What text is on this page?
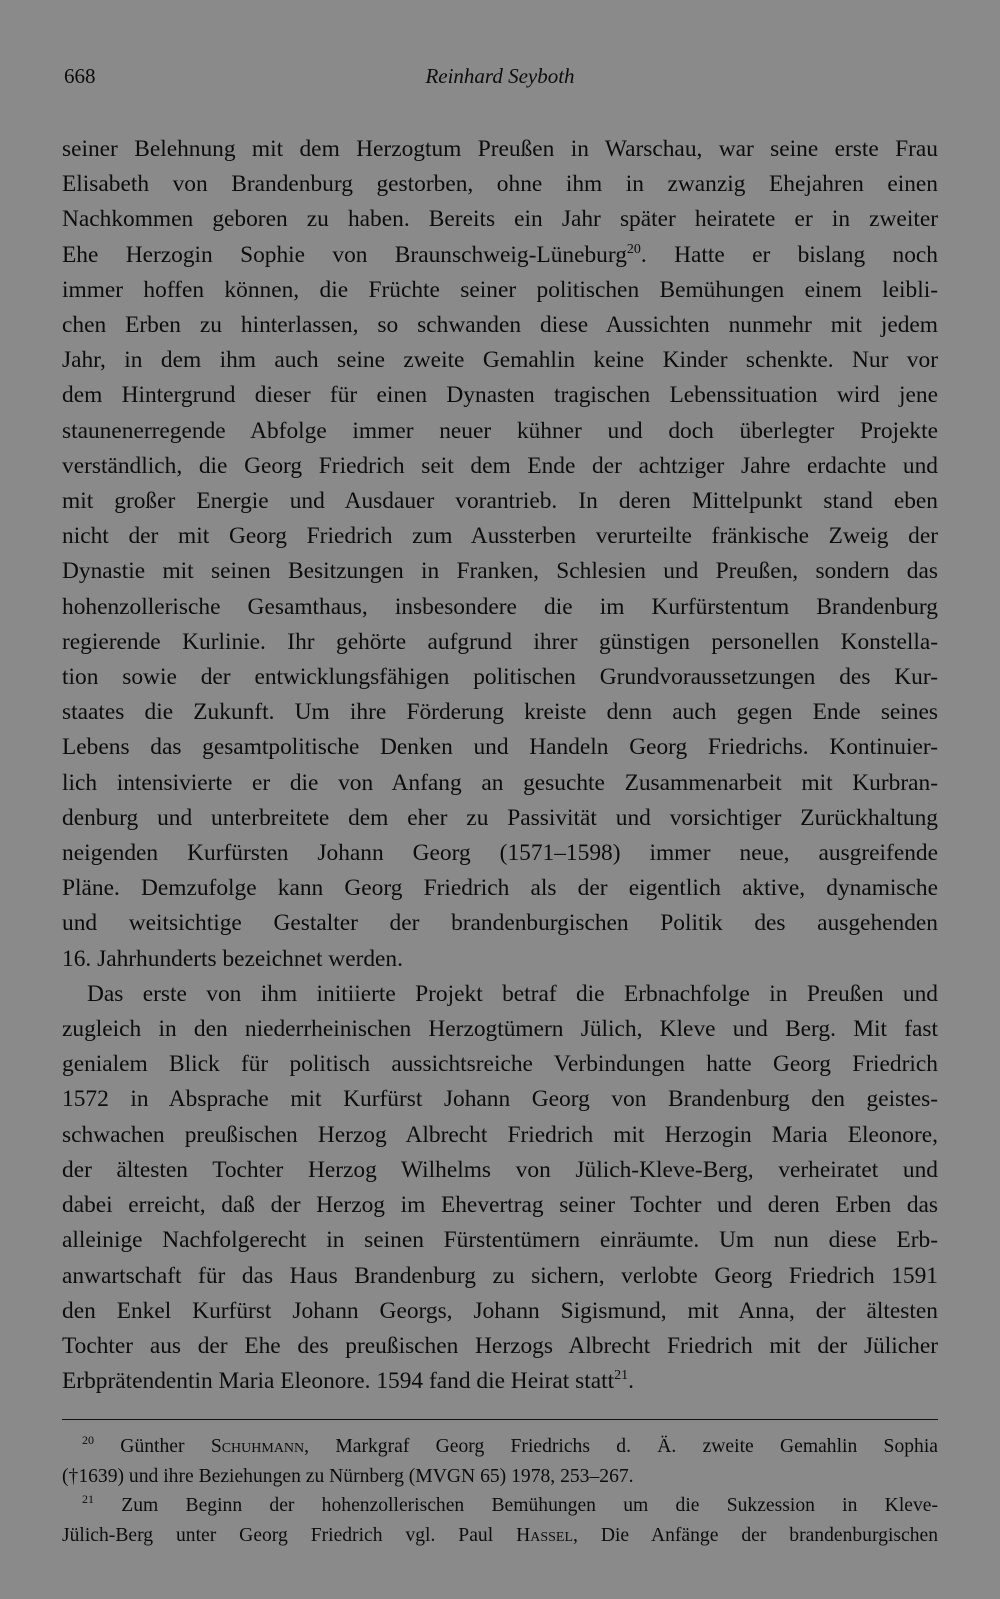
668	Reinhard Seyboth
seiner Belehnung mit dem Herzogtum Preußen in Warschau, war seine erste Frau
Elisabeth von Brandenburg gestorben, ohne ihm in zwanzig Ehejahren einen
Nachkommen geboren zu haben. Bereits ein Jahr später heiratete er in zweiter
Ehe Herzogin Sophie von Braunschweig-Lüneburg$^{20}$. Hatte er bislang noch
immer hoffen können, die Früchte seiner politischen Bemühungen einem leibli-
chen Erben zu hinterlassen, so schwanden diese Aussichten nunmehr mit jedem
Jahr, in dem ihm auch seine zweite Gemahlin keine Kinder schenkte. Nur vor
dem Hintergrund dieser für einen Dynasten tragischen Lebenssituation wird jene
staunenerregende Abfolge immer neuer kühner und doch überlegter Projekte
verständlich, die Georg Friedrich seit dem Ende der achtziger Jahre erdachte und
mit großer Energie und Ausdauer vorantrieb. In deren Mittelpunkt stand eben
nicht der mit Georg Friedrich zum Aussterben verurteilte fränkische Zweig der
Dynastie mit seinen Besitzungen in Franken, Schlesien und Preußen, sondern das
hohenzollerische Gesamthaus, insbesondere die im Kurfürstentum Brandenburg
regierende Kurlinie. Ihr gehörte aufgrund ihrer günstigen personellen Konstella-
tion sowie der entwicklungsfähigen politischen Grundvoraussetzungen des Kur-
staates die Zukunft. Um ihre Förderung kreiste denn auch gegen Ende seines
Lebens das gesamtpolitische Denken und Handeln Georg Friedrichs. Kontinuier-
lich intensivierte er die von Anfang an gesuchte Zusammenarbeit mit Kurbran-
denburg und unterbreitete dem eher zu Passivität und vorsichtiger Zurückhaltung
neigenden Kurfürsten Johann Georg (1571–1598) immer neue, ausgreifende
Pläne. Demzufolge kann Georg Friedrich als der eigentlich aktive, dynamische
und weitsichtige Gestalter der brandenburgischen Politik des ausgehenden
16. Jahrhunderts bezeichnet werden.
Das erste von ihm initiierte Projekt betraf die Erbnachfolge in Preußen und
zugleich in den niederrheinischen Herzogtümern Jülich, Kleve und Berg. Mit fast
genialem Blick für politisch aussichtsreiche Verbindungen hatte Georg Friedrich
1572 in Absprache mit Kurfürst Johann Georg von Brandenburg den geistes-
schwachen preußischen Herzog Albrecht Friedrich mit Herzogin Maria Eleonore,
der ältesten Tochter Herzog Wilhelms von Jülich-Kleve-Berg, verheiratet und
dabei erreicht, daß der Herzog im Ehevertrag seiner Tochter und deren Erben das
alleinige Nachfolgerecht in seinen Fürstentümern einräumte. Um nun diese Erb-
anwartschaft für das Haus Brandenburg zu sichern, verlobte Georg Friedrich 1591
den Enkel Kurfürst Johann Georgs, Johann Sigismund, mit Anna, der ältesten
Tochter aus der Ehe des preußischen Herzogs Albrecht Friedrich mit der Jülicher
Erbprätendentin Maria Eleonore. 1594 fand die Heirat statt$^{21}$.
$^{20}$ Günther Schuhmann, Markgraf Georg Friedrichs d. Ä. zweite Gemahlin Sophia
(†1639) und ihre Beziehungen zu Nürnberg (MVGN 65) 1978, 253–267.
$^{21}$ Zum Beginn der hohenzollerischen Bemühungen um die Sukzession in Kleve-
Jülich-Berg unter Georg Friedrich vgl. Paul Hassel, Die Anfänge der brandenburgischen
